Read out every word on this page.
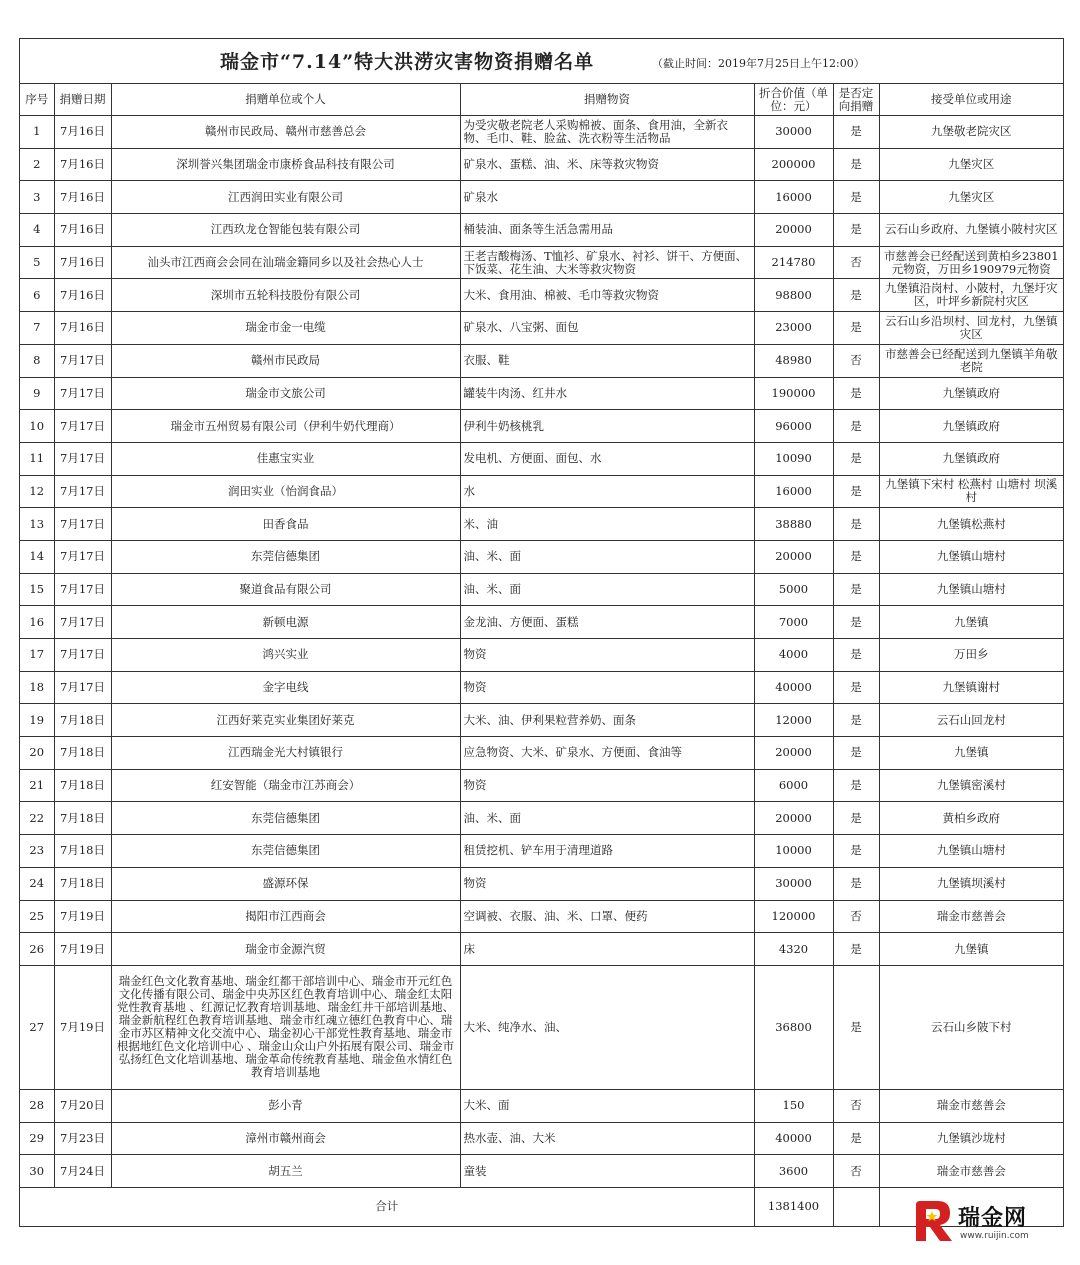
瑞金市“7.14”特大洪涝灾害物资捐赠名单	（截止时间：2019年7月25日上午12:00）
序号	捐赠日期	捐赠单位或个人	捐赠物资	折合价值（单位：元）	是否定向捐赠	接受单位或用途
1	7月16日	赣州市民政局、赣州市慈善总会	为受灾敬老院老人采购棉被、面条、食用油，全新衣物、毛巾、鞋、脸盆、洗衣粉等生活物品	30000	是	九堡敬老院灾区
2	7月16日	深圳誉兴集团瑞金市康桥食品科技有限公司	矿泉水、蛋糕、油、米、床等救灾物资	200000	是	九堡灾区
3	7月16日	江西润田实业有限公司	矿泉水	16000	是	九堡灾区
4	7月16日	江西玖龙仓智能包装有限公司	桶装油、面条等生活急需用品	20000	是	云石山乡政府、九堡镇小陂村灾区
5	7月16日	汕头市江西商会会同在汕瑞金籍同乡以及社会热心人士	王老吉酸梅汤、T恤衫、矿泉水、衬衫、饼干、方便面、下饭菜、花生油、大米等救灾物资	214780	否	市慈善会已经配送到黄柏乡23801元物资，万田乡190979元物资
6	7月16日	深圳市五轮科技股份有限公司	大米、食用油、棉被、毛巾等救灾物资	98800	是	九堡镇沿岗村、小陂村，九堡圩灾区，叶坪乡新院村灾区
7	7月16日	瑞金市金一电缆	矿泉水、八宝粥、面包	23000	是	云石山乡沿坝村、回龙村，九堡镇灾区
8	7月17日	赣州市民政局	衣服、鞋	48980	否	市慈善会已经配送到九堡镇羊角敬老院
9	7月17日	瑞金市文旅公司	罐装牛肉汤、红井水	190000	是	九堡镇政府
10	7月17日	瑞金市五州贸易有限公司（伊利牛奶代理商）	伊利牛奶核桃乳	96000	是	九堡镇政府
11	7月17日	佳惠宝实业	发电机、方便面、面包、水	10090	是	九堡镇政府
12	7月17日	润田实业（怡润食品）	水	16000	是	九堡镇下宋村 松燕村 山塘村 坝溪村
13	7月17日	田香食品	米、油	38880	是	九堡镇松燕村
14	7月17日	东莞信德集团	油、米、面	20000	是	九堡镇山塘村
15	7月17日	聚道食品有限公司	油、米、面	5000	是	九堡镇山塘村
16	7月17日	新顿电源	金龙油、方便面、蛋糕	7000	是	九堡镇
17	7月17日	鸿兴实业	物资	4000	是	万田乡
18	7月17日	金字电线	物资	40000	是	九堡镇谢村
19	7月18日	江西好莱克实业集团好莱克	大米、油、伊利果粒营养奶、面条	12000	是	云石山回龙村
20	7月18日	江西瑞金光大村镇银行	应急物资、大米、矿泉水、方便面、食油等	20000	是	九堡镇
21	7月18日	红安智能（瑞金市江苏商会）	物资	6000	是	九堡镇密溪村
22	7月18日	东莞信德集团	油、米、面	20000	是	黄柏乡政府
23	7月18日	东莞信德集团	租赁挖机、铲车用于清理道路	10000	是	九堡镇山塘村
24	7月18日	盛源环保	物资	30000	是	九堡镇坝溪村
25	7月19日	揭阳市江西商会	空调被、衣服、油、米、口罩、便药	120000	否	瑞金市慈善会
26	7月19日	瑞金市金源汽贸	床	4320	是	九堡镇
27	7月19日	瑞金红色文化教育基地、瑞金红都干部培训中心、瑞金市开元红色文化传播有限公司、瑞金中央苏区红色教育培训中心、瑞金红太阳党性教育基地 、红源记忆教育培训基地、瑞金红井干部培训基地、瑞金新航程红色教育培训基地、瑞金市红魂立德红色教育中心、瑞金市苏区精神文化交流中心、瑞金初心干部党性教育基地、瑞金市根据地红色文化培训中心 、瑞金山众山户外拓展有限公司、瑞金市弘扬红色文化培训基地、瑞金革命传统教育基地、瑞金鱼水情红色教育培训基地	大米、纯净水、油、	36800	是	云石山乡陂下村
28	7月20日	彭小青	大米、面	150	否	瑞金市慈善会
29	7月23日	漳州市赣州商会	热水壶、油、大米	40000	是	九堡镇沙垅村
30	7月24日	胡五兰	童装	3600	否	瑞金市慈善会
合计				1381400			瑞金网
www.ruijin.com
